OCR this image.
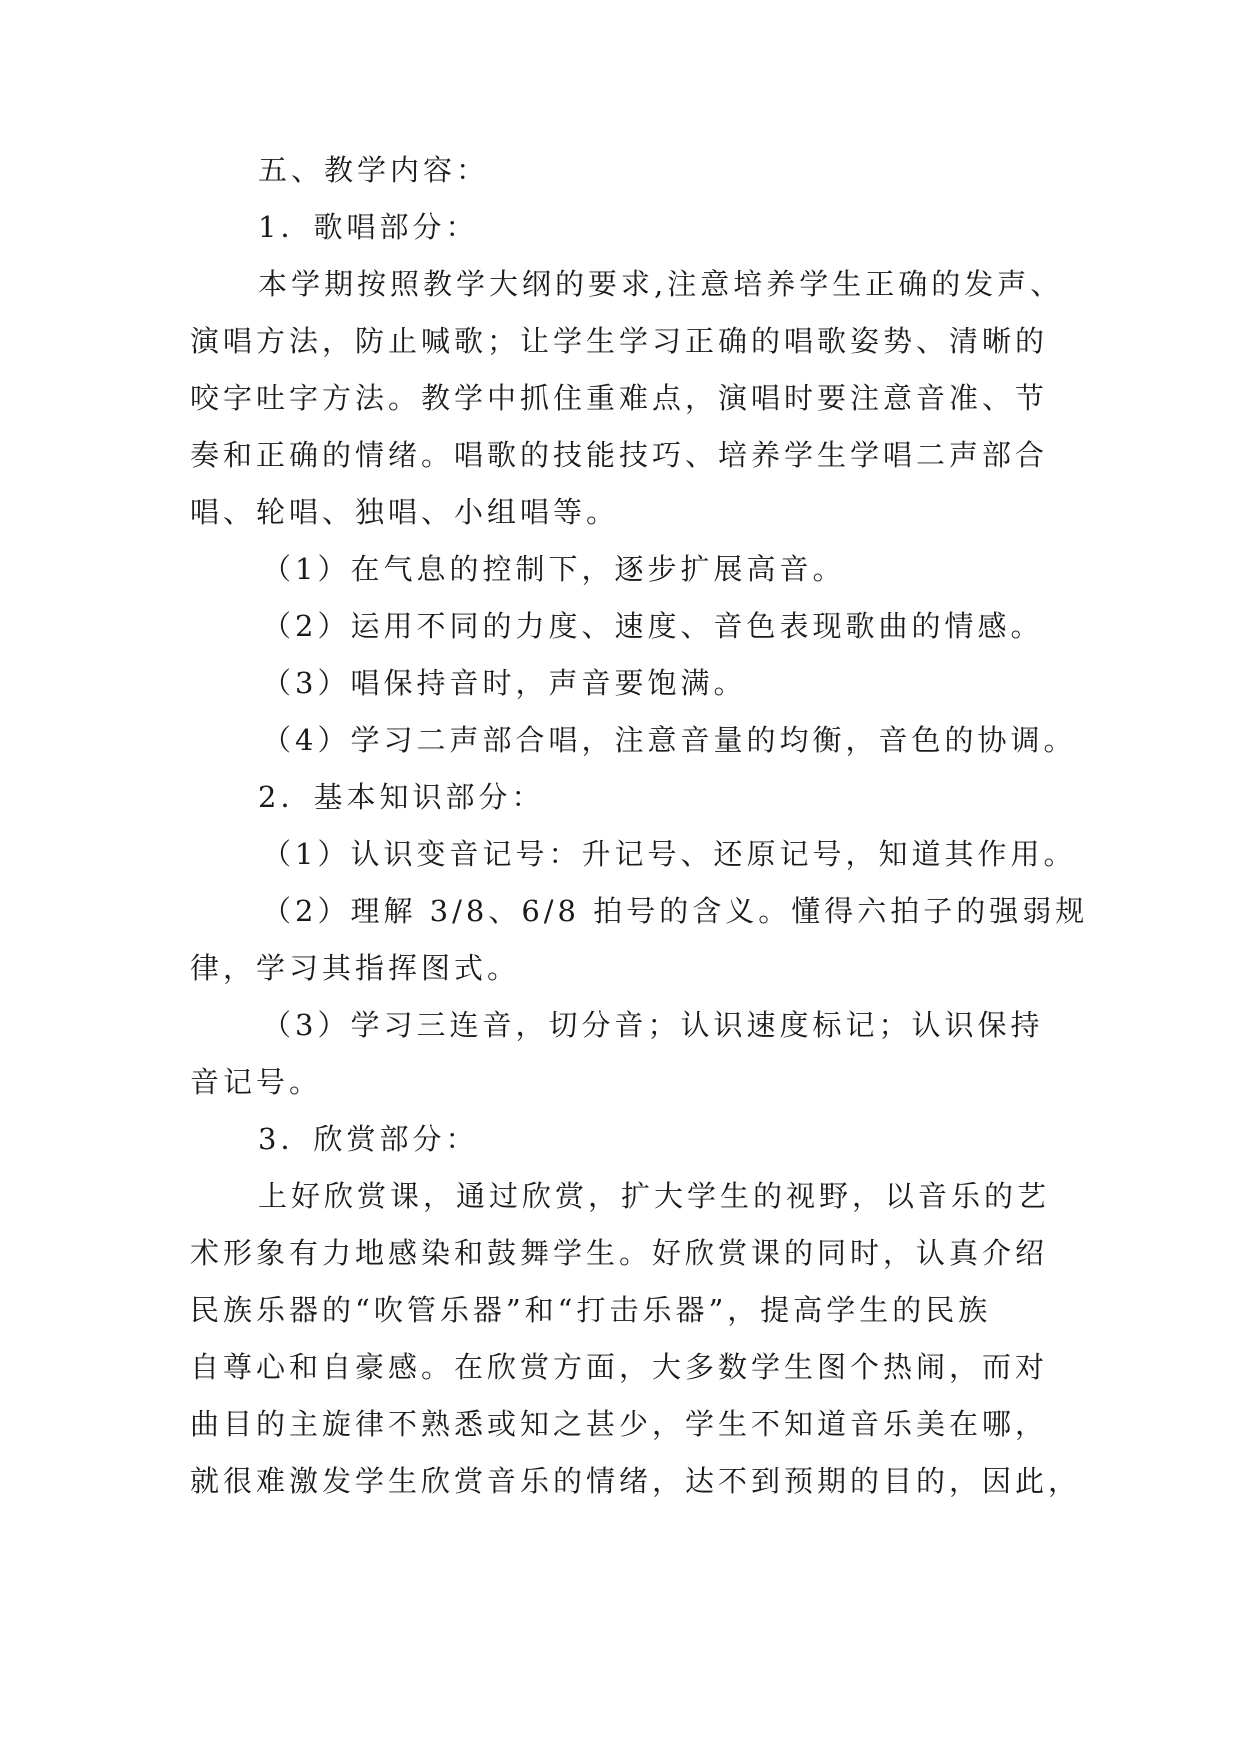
五、教学内容：
1．歌唱部分：
本学期按照教学大纲的要求,注意培养学生正确的发声、
演唱方法，防止喊歌；让学生学习正确的唱歌姿势、清晰的
咬字吐字方法。教学中抓住重难点，演唱时要注意音准、节
奏和正确的情绪。唱歌的技能技巧、培养学生学唱二声部合
唱、轮唱、独唱、小组唱等。
（1）在气息的控制下，逐步扩展高音。
（2）运用不同的力度、速度、音色表现歌曲的情感。
（3）唱保持音时，声音要饱满。
（4）学习二声部合唱，注意音量的均衡，音色的协调。
2．基本知识部分：
（1）认识变音记号：升记号、还原记号，知道其作用。
（2）理解 3/8、6/8 拍号的含义。懂得六拍子的强弱规
律，学习其指挥图式。
（3）学习三连音，切分音；认识速度标记；认识保持
音记号。
3．欣赏部分：
上好欣赏课，通过欣赏，扩大学生的视野，以音乐的艺
术形象有力地感染和鼓舞学生。好欣赏课的同时，认真介绍
民族乐器的“吹管乐器”和“打击乐器”，提高学生的民族
自尊心和自豪感。在欣赏方面，大多数学生图个热闹，而对
曲目的主旋律不熟悉或知之甚少，学生不知道音乐美在哪，
就很难激发学生欣赏音乐的情绪，达不到预期的目的，因此，
